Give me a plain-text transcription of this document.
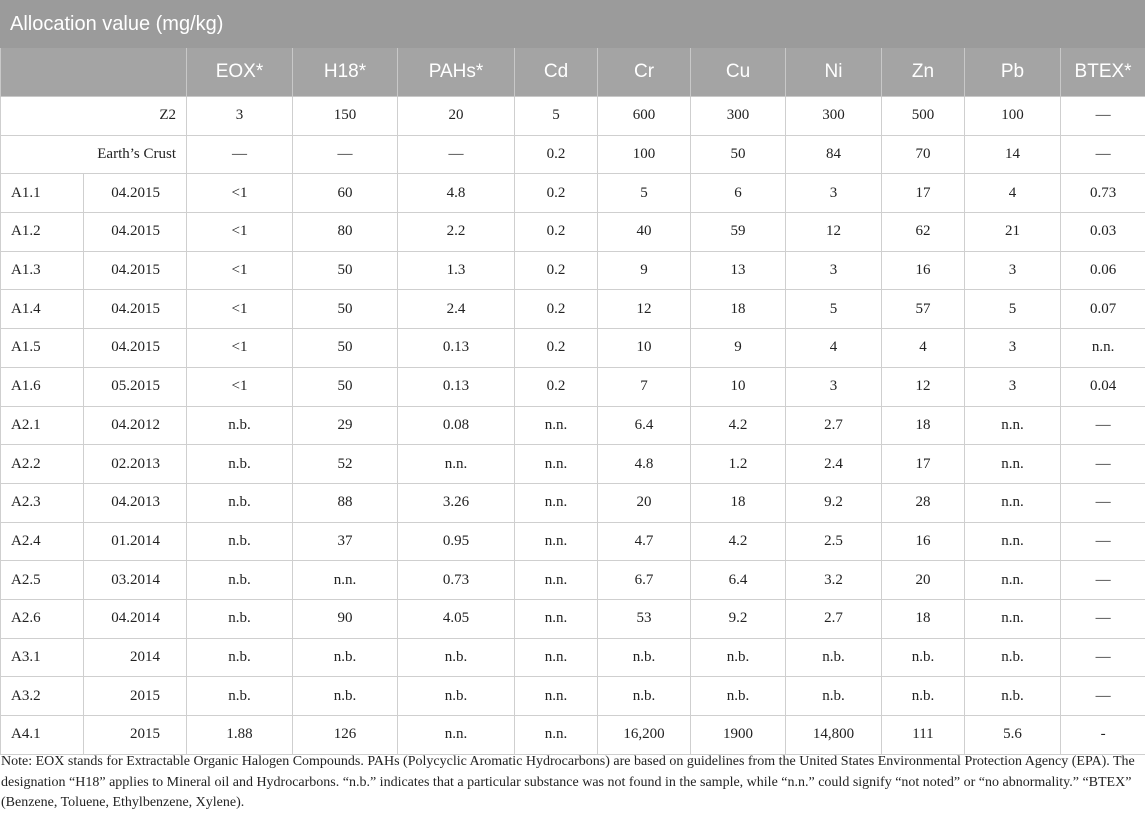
Allocation value (mg/kg)											
		EOX*	H18*	PAHs*	Cd	Cr	Cu	Ni	Zn	Pb	BTEX*
Z2		3	150	20	5	600	300	300	500	100	—
Earth’s Crust		—	—	—	0.2	100	50	84	70	14	—
A1.1	04.2015	<1	60	4.8	0.2	5	6	3	17	4	0.73
A1.2	04.2015	<1	80	2.2	0.2	40	59	12	62	21	0.03
A1.3	04.2015	<1	50	1.3	0.2	9	13	3	16	3	0.06
A1.4	04.2015	<1	50	2.4	0.2	12	18	5	57	5	0.07
A1.5	04.2015	<1	50	0.13	0.2	10	9	4	4	3	n.n.
A1.6	05.2015	<1	50	0.13	0.2	7	10	3	12	3	0.04
A2.1	04.2012	n.b.	29	0.08	n.n.	6.4	4.2	2.7	18	n.n.	—
A2.2	02.2013	n.b.	52	n.n.	n.n.	4.8	1.2	2.4	17	n.n.	—
A2.3	04.2013	n.b.	88	3.26	n.n.	20	18	9.2	28	n.n.	—
A2.4	01.2014	n.b.	37	0.95	n.n.	4.7	4.2	2.5	16	n.n.	—
A2.5	03.2014	n.b.	n.n.	0.73	n.n.	6.7	6.4	3.2	20	n.n.	—
A2.6	04.2014	n.b.	90	4.05	n.n.	53	9.2	2.7	18	n.n.	—
A3.1	2014	n.b.	n.b.	n.b.	n.n.	n.b.	n.b.	n.b.	n.b.	n.b.	—
A3.2	2015	n.b.	n.b.	n.b.	n.n.	n.b.	n.b.	n.b.	n.b.	n.b.	—
A4.1	2015	1.88	126	n.n.	n.n.	16,200	1900	14,800	111	5.6	-
Note: EOX stands for Extractable Organic Halogen Compounds. PAHs (Polycyclic Aromatic Hydrocarbons) are based on guidelines from the United States Environmental Protection Agency (EPA). The designation “H18” applies to Mineral oil and Hydrocarbons. “n.b.” indicates that a particular substance was not found in the sample, while “n.n.” could signify “not noted” or “no abnormality.” “BTEX” (Benzene, Toluene, Ethylbenzene, Xylene).
